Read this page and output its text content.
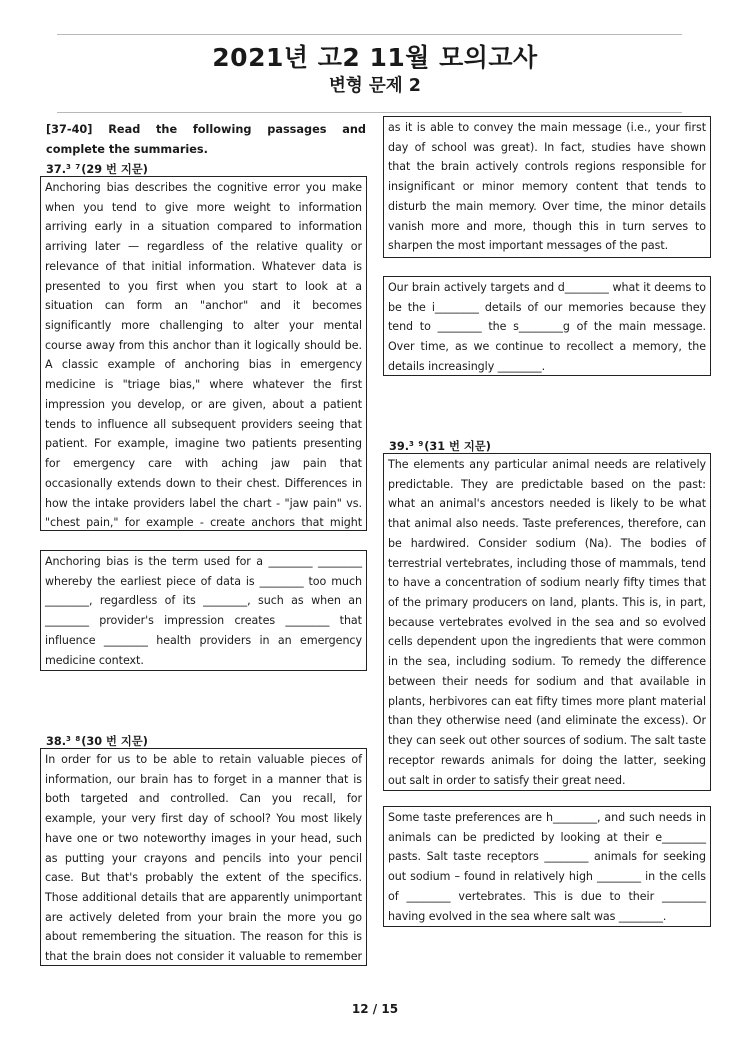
2021년 고2 11월 모의고사
변형 문제 2

[37-40] Read the following passages and complete the summaries.

37.$^{3 7}$(29 번 지문)

Anchoring bias describes the cognitive error you make when you tend to give more weight to information arriving early in a situation compared to information arriving later — regardless of the relative quality or relevance of that initial information. Whatever data is presented to you first when you start to look at a situation can form an "anchor" and it becomes significantly more challenging to alter your mental course away from this anchor than it logically should be. A classic example of anchoring bias in emergency medicine is "triage bias," where whatever the first impression you develop, or are given, about a patient tends to influence all subsequent providers seeing that patient. For example, imagine two patients presenting for emergency care with aching jaw pain that occasionally extends down to their chest. Differences in how the intake providers label the chart - "jaw pain" vs. "chest pain," for example - create anchors that might

Anchoring bias is the term used for a ________ ________ whereby the earliest piece of data is ________ too much ________, regardless of its ________, such as when an ________ provider's impression creates ________ that influence ________ health providers in an emergency medicine context.

38.$^{3 8}$(30 번 지문)

In order for us to be able to retain valuable pieces of information, our brain has to forget in a manner that is both targeted and controlled. Can you recall, for example, your very first day of school? You most likely have one or two noteworthy images in your head, such as putting your crayons and pencils into your pencil case. But that's probably the extent of the specifics. Those additional details that are apparently unimportant are actively deleted from your brain the more you go about remembering the situation. The reason for this is that the brain does not consider it valuable to remember

as it is able to convey the main message (i.e., your first day of school was great). In fact, studies have shown that the brain actively controls regions responsible for insignificant or minor memory content that tends to disturb the main memory. Over time, the minor details vanish more and more, though this in turn serves to sharpen the most important messages of the past.

Our brain actively targets and d________ what it deems to be the i________ details of our memories because they tend to ________ the s________g of the main message. Over time, as we continue to recollect a memory, the details increasingly ________.

39.$^{3 9}$(31 번 지문)

The elements any particular animal needs are relatively predictable. They are predictable based on the past: what an animal's ancestors needed is likely to be what that animal also needs. Taste preferences, therefore, can be hardwired. Consider sodium (Na). The bodies of terrestrial vertebrates, including those of mammals, tend to have a concentration of sodium nearly fifty times that of the primary producers on land, plants. This is, in part, because vertebrates evolved in the sea and so evolved cells dependent upon the ingredients that were common in the sea, including sodium. To remedy the difference between their needs for sodium and that available in plants, herbivores can eat fifty times more plant material than they otherwise need (and eliminate the excess). Or they can seek out other sources of sodium. The salt taste receptor rewards animals for doing the latter, seeking out salt in order to satisfy their great need.

Some taste preferences are h________, and such needs in animals can be predicted by looking at their e________ pasts. Salt taste receptors ________ animals for seeking out sodium – found in relatively high ________ in the cells of ________ vertebrates. This is due to their ________ having evolved in the sea where salt was ________.

12 / 15
